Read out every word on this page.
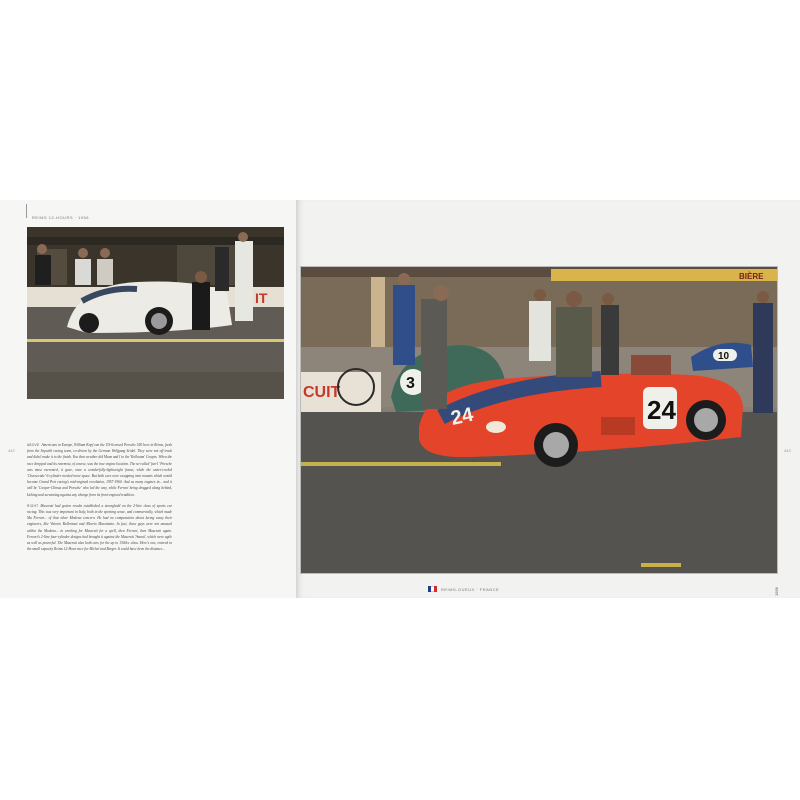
REIMS 12-HOURS · 1956
IT

ABOVE Americans in Europe, William Kopf ran the US-licensed Porsche 550 here in Reims, fresh from the Sopwith racing team, co-driven by the German Wolfgang Seidel. They were not off-track and didn't make it to the finish. You then weather did Munz and I to the 'Kolbaum' Coupes. When the race dropped and its rearmost, of course, was the true engine location. The so-called 'fan-1' Porsche was most overrated, it gave, once a wonderfully-lightweight frame, while the water-cooled 'Cheesecake' 6-cylinder needed more space. But both cars were swapping onto mounts which would become Grand Prix racing's mid-engined revolution, 1957-1960. And as many engines in... and it will be 'Cooper-Climax and Porsche' who led the way, while Ferrari being dragged along behind, kicking and screaming against any change from its front-engined tradition.

RIGHT Maserati had gotten results established a stronghold on the 2-litre class of sports car racing. This was very important in Italy, both in the sporting sense, and commercially, which made Ma Ferrari... of that other Modena concern. He had no compunction about luring away their engineers, like Vittorio Bellentani and Alberto Massimino. In fact, these guys were not unusual within the Modena... in working for Maserati for a spell, then Ferrari, then Maserati again. Ferrari's 2-litre four-cylinder designs had brought it against the Maserati 'Avanti', which were agile as well as powerful. The Maserati also both cars for the up to 1500cc class. Here's one, entered in the small capacity Reims 12-Hour race for Michel and Berger. It could have been the distance...

442	443
BIÈRE
CUIT
3
10
24	24
REIMS-GUEUX · FRANCE	1956
